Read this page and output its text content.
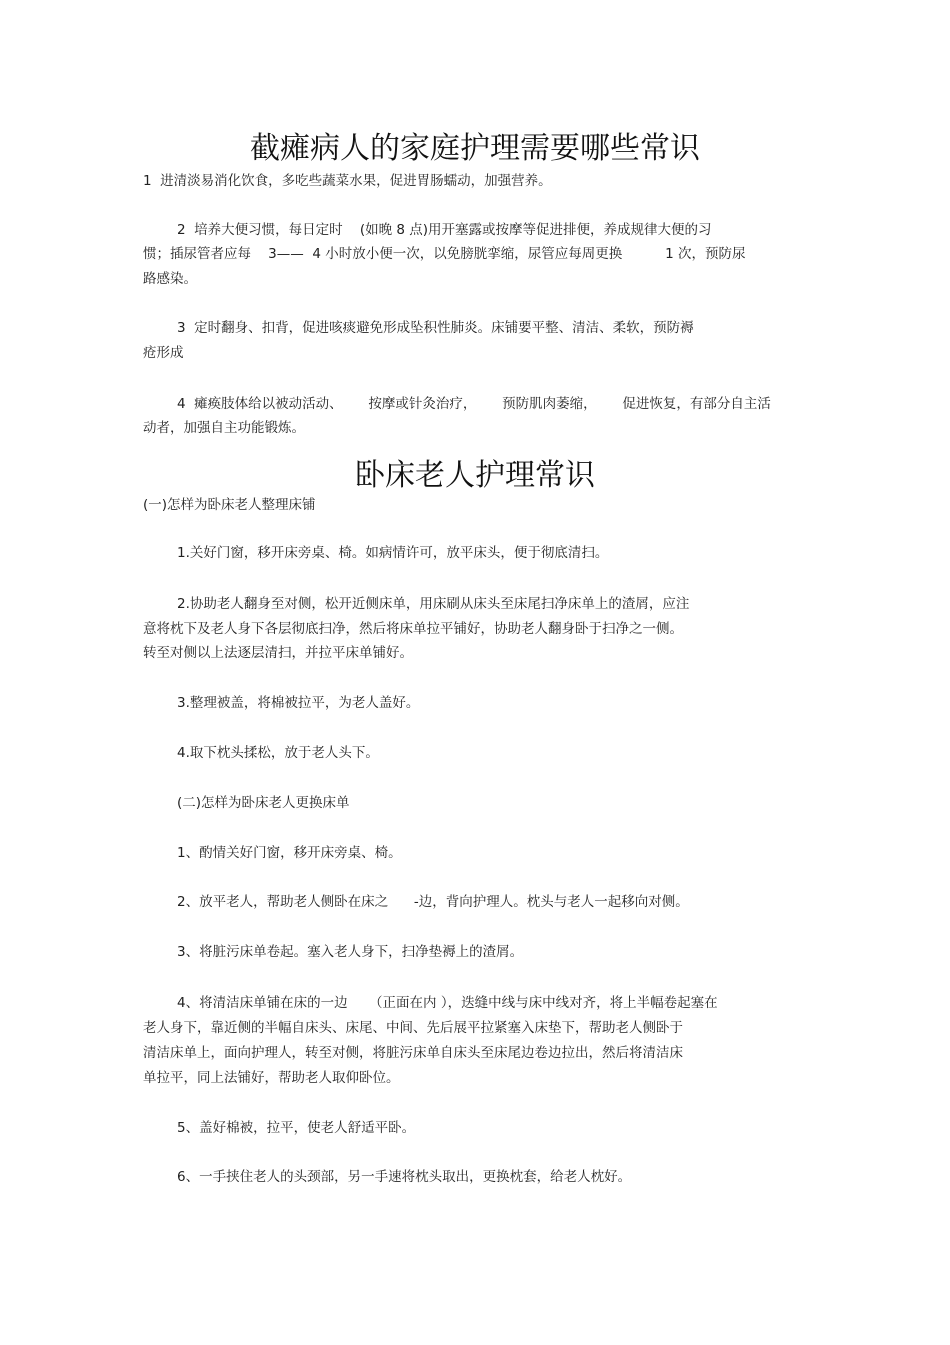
截瘫病人的家庭护理需要哪些常识
1  进清淡易消化饮食，多吃些蔬菜水果，促进胃肠蠕动，加强营养。
2  培养大便习惯，每日定时    (如晚 8 点)用开塞露或按摩等促进排便，养成规律大便的习
惯；插尿管者应每    3——  4 小时放小便一次，以免膀胱挛缩，尿管应每周更换          1 次，预防尿
路感染。
3  定时翻身、扣背，促进咳痰避免形成坠积性肺炎。床铺要平整、清洁、柔软，预防褥
疮形成
4  瘫痪肢体给以被动活动、      按摩或针灸治疗，      预防肌肉萎缩，      促进恢复，有部分自主活
动者，加强自主功能锻炼。
卧床老人护理常识
(一)怎样为卧床老人整理床铺
1.关好门窗，移开床旁桌、椅。如病情许可，放平床头，便于彻底清扫。
2.协助老人翻身至对侧，松开近侧床单，用床刷从床头至床尾扫净床单上的渣屑，应注
意将枕下及老人身下各层彻底扫净，然后将床单拉平铺好，协助老人翻身卧于扫净之一侧。
转至对侧以上法逐层清扫，并拉平床单铺好。
3.整理被盖，将棉被拉平，为老人盖好。
4.取下枕头揉松，放于老人头下。
(二)怎样为卧床老人更换床单
1、酌情关好门窗，移开床旁桌、椅。
2、放平老人，帮助老人侧卧在床之      -边，背向护理人。枕头与老人一起移向对侧。
3、将脏污床单卷起。塞入老人身下，扫净垫褥上的渣屑。
4、将清洁床单铺在床的一边     （正面在内 ），迭缝中线与床中线对齐，将上半幅卷起塞在
老人身下，靠近侧的半幅自床头、床尾、中间、先后展平拉紧塞入床垫下，帮助老人侧卧于
清洁床单上，面向护理人，转至对侧，将脏污床单自床头至床尾边卷边拉出，然后将清洁床
单拉平，同上法铺好，帮助老人取仰卧位。
5、盖好棉被，拉平，使老人舒适平卧。
6、一手挟住老人的头颈部，另一手速将枕头取出，更换枕套，给老人枕好。
